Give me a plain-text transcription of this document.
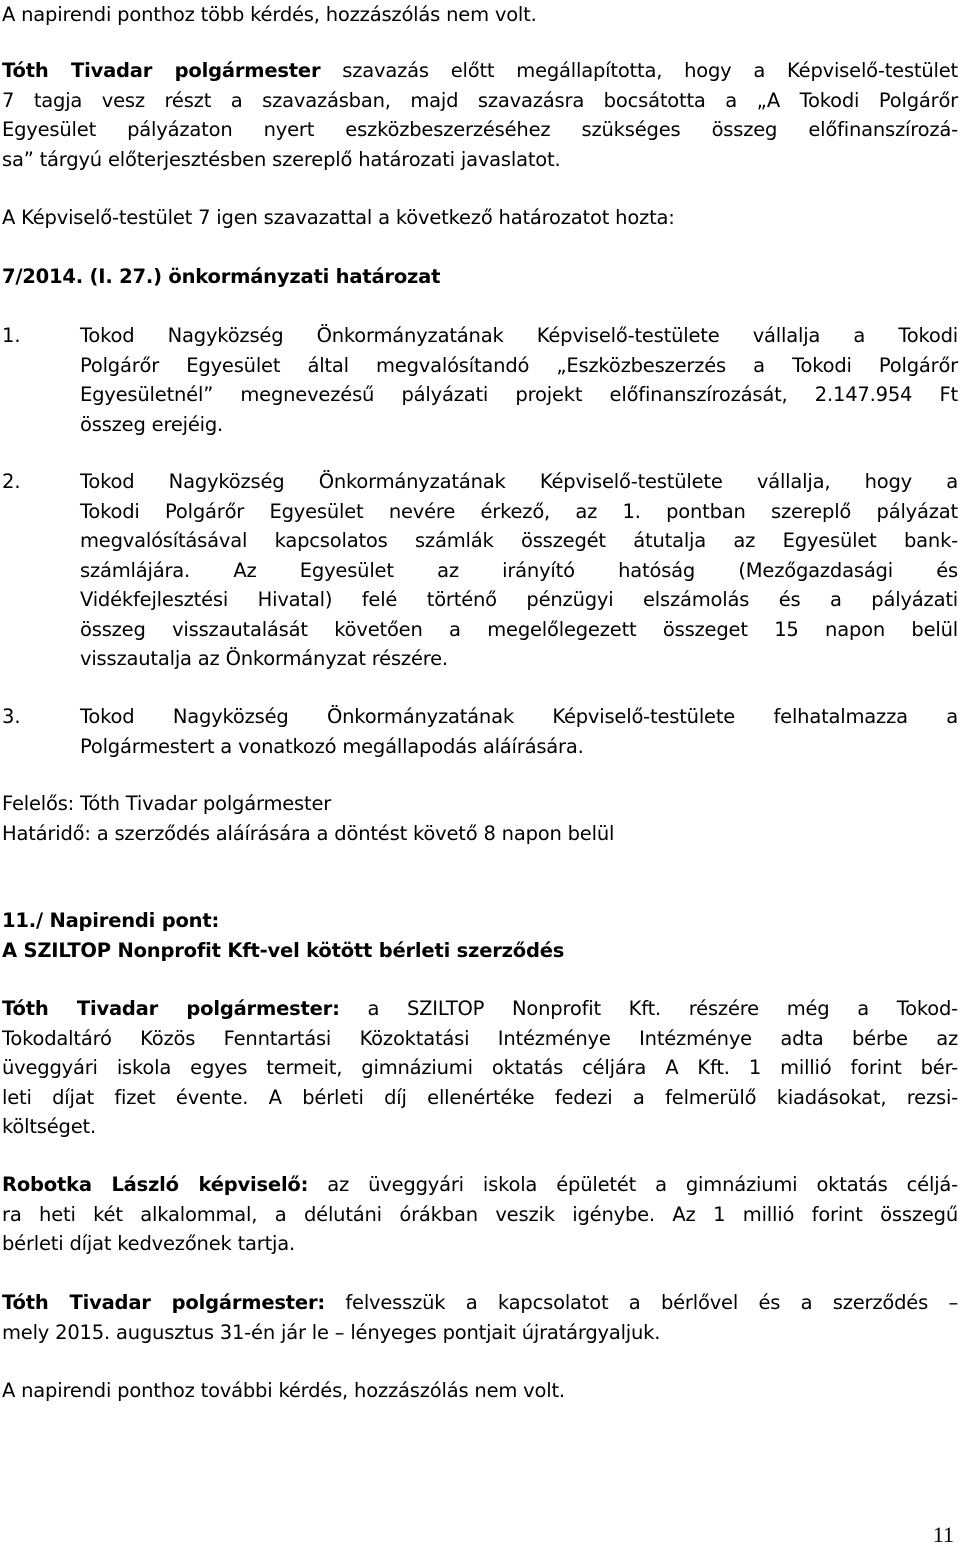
A napirendi ponthoz több kérdés, hozzászólás nem volt.
Tóth Tivadar polgármester szavazás előtt megállapította, hogy a Képviselő-testület
7 tagja vesz részt a szavazásban, majd szavazásra bocsátotta a „A Tokodi Polgárőr
Egyesület pályázaton nyert eszközbeszerzéséhez szükséges összeg előfinanszírozá-
sa” tárgyú előterjesztésben szereplő határozati javaslatot.
A Képviselő-testület 7 igen szavazattal a következő határozatot hozta:
7/2014. (I. 27.) önkormányzati határozat
1.	Tokod Nagyközség Önkormányzatának Képviselő-testülete vállalja a Tokodi
Polgárőr Egyesület által megvalósítandó „Eszközbeszerzés a Tokodi Polgárőr
Egyesületnél” megnevezésű pályázati projekt előfinanszírozását, 2.147.954 Ft
összeg erejéig.
2.	Tokod Nagyközség Önkormányzatának Képviselő-testülete vállalja, hogy a
Tokodi Polgárőr Egyesület nevére érkező, az 1. pontban szereplő pályázat
megvalósításával kapcsolatos számlák összegét átutalja az Egyesület bank-
számlájára. Az Egyesület az irányító hatóság (Mezőgazdasági és
Vidékfejlesztési Hivatal) felé történő pénzügyi elszámolás és a pályázati
összeg visszautalását követően a megelőlegezett összeget 15 napon belül
visszautalja az Önkormányzat részére.
3.	Tokod Nagyközség Önkormányzatának Képviselő-testülete felhatalmazza a
Polgármestert a vonatkozó megállapodás aláírására.
Felelős: Tóth Tivadar polgármester
Határidő: a szerződés aláírására a döntést követő 8 napon belül
11./ Napirendi pont:
A SZILTOP Nonprofit Kft-vel kötött bérleti szerződés
Tóth Tivadar polgármester: a SZILTOP Nonprofit Kft. részére még a Tokod-
Tokodaltáró Közös Fenntartási Közoktatási Intézménye Intézménye adta bérbe az
üveggyári iskola egyes termeit, gimnáziumi oktatás céljára A Kft. 1 millió forint bér-
leti díjat fizet évente. A bérleti díj ellenértéke fedezi a felmerülő kiadásokat, rezsi-
költséget.
Robotka László képviselő: az üveggyári iskola épületét a gimnáziumi oktatás céljá-
ra heti két alkalommal, a délutáni órákban veszik igénybe. Az 1 millió forint összegű
bérleti díjat kedvezőnek tartja.
Tóth Tivadar polgármester: felvesszük a kapcsolatot a bérlővel és a szerződés –
mely 2015. augusztus 31-én jár le – lényeges pontjait újratárgyaljuk.
A napirendi ponthoz további kérdés, hozzászólás nem volt.
11
